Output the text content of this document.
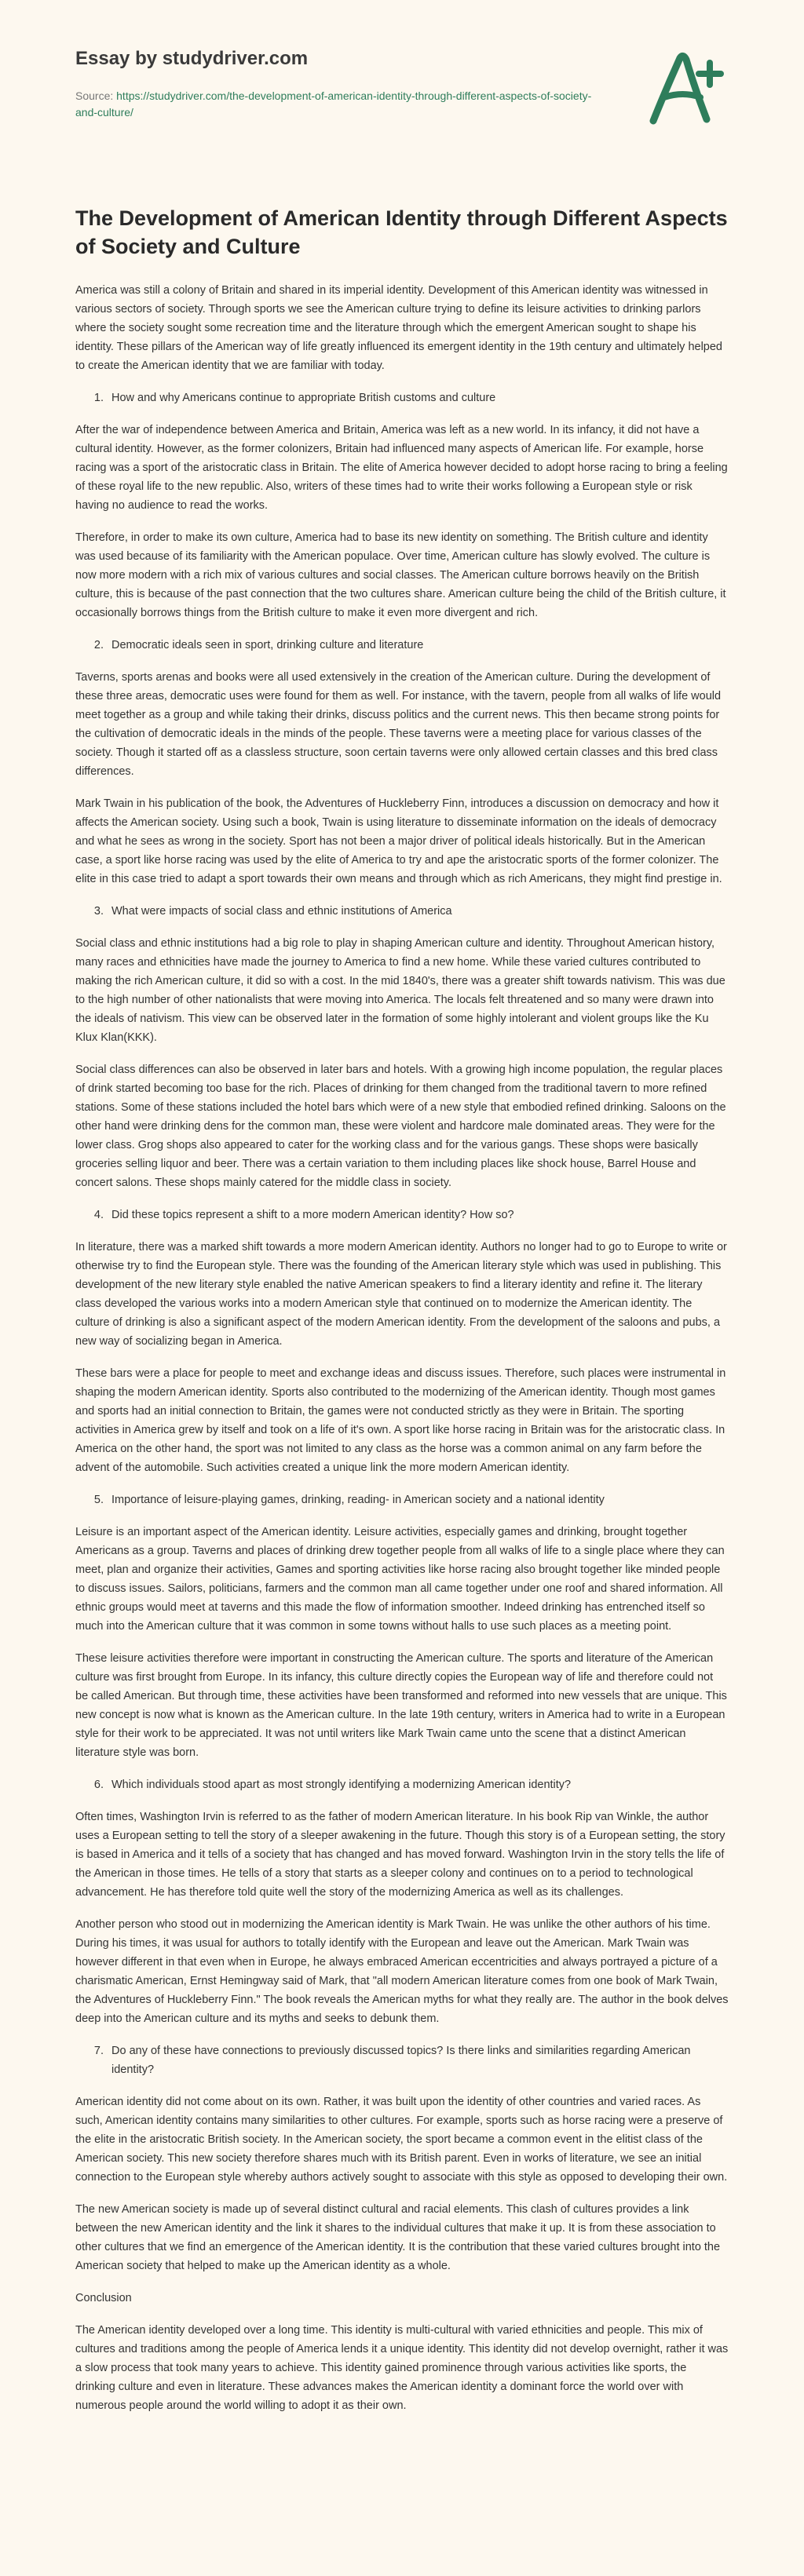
Essay by studydriver.com
Source: https://studydriver.com/the-development-of-american-identity-through-different-aspects-of-society-and-culture/
The Development of American Identity through Different Aspects of Society and Culture

America was still a colony of Britain and shared in its imperial identity. Development of this American identity was witnessed in various sectors of society. Through sports we see the American culture trying to define its leisure activities to drinking parlors where the society sought some recreation time and the literature through which the emergent American sought to shape his identity. These pillars of the American way of life greatly influenced its emergent identity in the 19th century and ultimately helped to create the American identity that we are familiar with today.

1. How and why Americans continue to appropriate British customs and culture

After the war of independence between America and Britain, America was left as a new world. In its infancy, it did not have a cultural identity. However, as the former colonizers, Britain had influenced many aspects of American life. For example, horse racing was a sport of the aristocratic class in Britain. The elite of America however decided to adopt horse racing to bring a feeling of these royal life to the new republic. Also, writers of these times had to write their works following a European style or risk having no audience to read the works.

Therefore, in order to make its own culture, America had to base its new identity on something. The British culture and identity was used because of its familiarity with the American populace. Over time, American culture has slowly evolved. The culture is now more modern with a rich mix of various cultures and social classes. The American culture borrows heavily on the British culture, this is because of the past connection that the two cultures share. American culture being the child of the British culture, it occasionally borrows things from the British culture to make it even more divergent and rich.

2. Democratic ideals seen in sport, drinking culture and literature

Taverns, sports arenas and books were all used extensively in the creation of the American culture. During the development of these three areas, democratic uses were found for them as well. For instance, with the tavern, people from all walks of life would meet together as a group and while taking their drinks, discuss politics and the current news. This then became strong points for the cultivation of democratic ideals in the minds of the people. These taverns were a meeting place for various classes of the society. Though it started off as a classless structure, soon certain taverns were only allowed certain classes and this bred class differences.

Mark Twain in his publication of the book, the Adventures of Huckleberry Finn, introduces a discussion on democracy and how it affects the American society. Using such a book, Twain is using literature to disseminate information on the ideals of democracy and what he sees as wrong in the society. Sport has not been a major driver of political ideals historically. But in the American case, a sport like horse racing was used by the elite of America to try and ape the aristocratic sports of the former colonizer. The elite in this case tried to adapt a sport towards their own means and through which as rich Americans, they might find prestige in.

3. What were impacts of social class and ethnic institutions of America

Social class and ethnic institutions had a big role to play in shaping American culture and identity. Throughout American history, many races and ethnicities have made the journey to America to find a new home. While these varied cultures contributed to making the rich American culture, it did so with a cost. In the mid 1840's, there was a greater shift towards nativism. This was due to the high number of other nationalists that were moving into America. The locals felt threatened and so many were drawn into the ideals of nativism. This view can be observed later in the formation of some highly intolerant and violent groups like the Ku Klux Klan(KKK).

Social class differences can also be observed in later bars and hotels. With a growing high income population, the regular places of drink started becoming too base for the rich. Places of drinking for them changed from the traditional tavern to more refined stations. Some of these stations included the hotel bars which were of a new style that embodied refined drinking. Saloons on the other hand were drinking dens for the common man, these were violent and hardcore male dominated areas. They were for the lower class. Grog shops also appeared to cater for the working class and for the various gangs. These shops were basically groceries selling liquor and beer. There was a certain variation to them including places like shock house, Barrel House and concert salons. These shops mainly catered for the middle class in society.

4. Did these topics represent a shift to a more modern American identity? How so?

In literature, there was a marked shift towards a more modern American identity. Authors no longer had to go to Europe to write or otherwise try to find the European style. There was the founding of the American literary style which was used in publishing. This development of the new literary style enabled the native American speakers to find a literary identity and refine it. The literary class developed the various works into a modern American style that continued on to modernize the American identity. The culture of drinking is also a significant aspect of the modern American identity. From the development of the saloons and pubs, a new way of socializing began in America.

These bars were a place for people to meet and exchange ideas and discuss issues. Therefore, such places were instrumental in shaping the modern American identity. Sports also contributed to the modernizing of the American identity. Though most games and sports had an initial connection to Britain, the games were not conducted strictly as they were in Britain. The sporting activities in America grew by itself and took on a life of it's own. A sport like horse racing in Britain was for the aristocratic class. In America on the other hand, the sport was not limited to any class as the horse was a common animal on any farm before the advent of the automobile. Such activities created a unique link the more modern American identity.

5. Importance of leisure-playing games, drinking, reading- in American society and a national identity

Leisure is an important aspect of the American identity. Leisure activities, especially games and drinking, brought together Americans as a group. Taverns and places of drinking drew together people from all walks of life to a single place where they can meet, plan and organize their activities, Games and sporting activities like horse racing also brought together like minded people to discuss issues. Sailors, politicians, farmers and the common man all came together under one roof and shared information. All ethnic groups would meet at taverns and this made the flow of information smoother. Indeed drinking has entrenched itself so much into the American culture that it was common in some towns without halls to use such places as a meeting point.

These leisure activities therefore were important in constructing the American culture. The sports and literature of the American culture was first brought from Europe. In its infancy, this culture directly copies the European way of life and therefore could not be called American. But through time, these activities have been transformed and reformed into new vessels that are unique. This new concept is now what is known as the American culture. In the late 19th century, writers in America had to write in a European style for their work to be appreciated. It was not until writers like Mark Twain came unto the scene that a distinct American literature style was born.

6. Which individuals stood apart as most strongly identifying a modernizing American identity?

Often times, Washington Irvin is referred to as the father of modern American literature. In his book Rip van Winkle, the author uses a European setting to tell the story of a sleeper awakening in the future. Though this story is of a European setting, the story is based in America and it tells of a society that has changed and has moved forward. Washington Irvin in the story tells the life of the American in those times. He tells of a story that starts as a sleeper colony and continues on to a period to technological advancement. He has therefore told quite well the story of the modernizing America as well as its challenges.

Another person who stood out in modernizing the American identity is Mark Twain. He was unlike the other authors of his time. During his times, it was usual for authors to totally identify with the European and leave out the American. Mark Twain was however different in that even when in Europe, he always embraced American eccentricities and always portrayed a picture of a charismatic American, Ernst Hemingway said of Mark, that "all modern American literature comes from one book of Mark Twain, the Adventures of Huckleberry Finn." The book reveals the American myths for what they really are. The author in the book delves deep into the American culture and its myths and seeks to debunk them.

7. Do any of these have connections to previously discussed topics? Is there links and similarities regarding American identity?

American identity did not come about on its own. Rather, it was built upon the identity of other countries and varied races. As such, American identity contains many similarities to other cultures. For example, sports such as horse racing were a preserve of the elite in the aristocratic British society. In the American society, the sport became a common event in the elitist class of the American society. This new society therefore shares much with its British parent. Even in works of literature, we see an initial connection to the European style whereby authors actively sought to associate with this style as opposed to developing their own.

The new American society is made up of several distinct cultural and racial elements. This clash of cultures provides a link between the new American identity and the link it shares to the individual cultures that make it up. It is from these association to other cultures that we find an emergence of the American identity. It is the contribution that these varied cultures brought into the American society that helped to make up the American identity as a whole.

Conclusion

The American identity developed over a long time. This identity is multi-cultural with varied ethnicities and people. This mix of cultures and traditions among the people of America lends it a unique identity. This identity did not develop overnight, rather it was a slow process that took many years to achieve. This identity gained prominence through various activities like sports, the drinking culture and even in literature. These advances makes the American identity a dominant force the world over with numerous people around the world willing to adopt it as their own.
